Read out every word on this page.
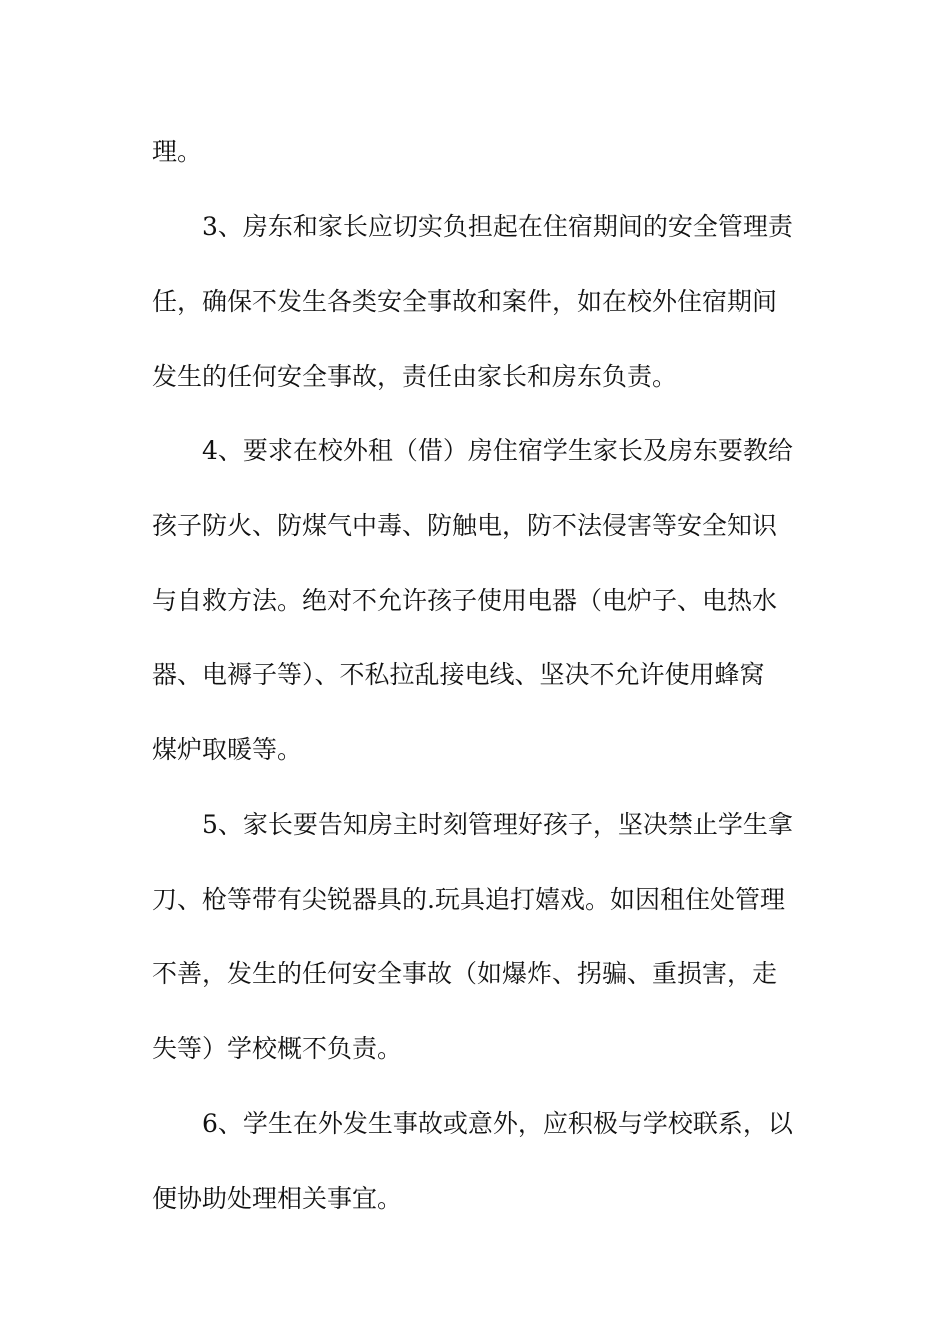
理。
3、房东和家长应切实负担起在住宿期间的安全管理责
任，确保不发生各类安全事故和案件，如在校外住宿期间
发生的任何安全事故，责任由家长和房东负责。
4、要求在校外租（借）房住宿学生家长及房东要教给
孩子防火、防煤气中毒、防触电，防不法侵害等安全知识
与自救方法。绝对不允许孩子使用电器（电炉子、电热水
器、电褥子等）、不私拉乱接电线、坚决不允许使用蜂窝
煤炉取暖等。
5、家长要告知房主时刻管理好孩子，坚决禁止学生拿
刀、枪等带有尖锐器具的.玩具追打嬉戏。如因租住处管理
不善，发生的任何安全事故（如爆炸、拐骗、重损害，走
失等）学校概不负责。
6、学生在外发生事故或意外，应积极与学校联系，以
便协助处理相关事宜。
